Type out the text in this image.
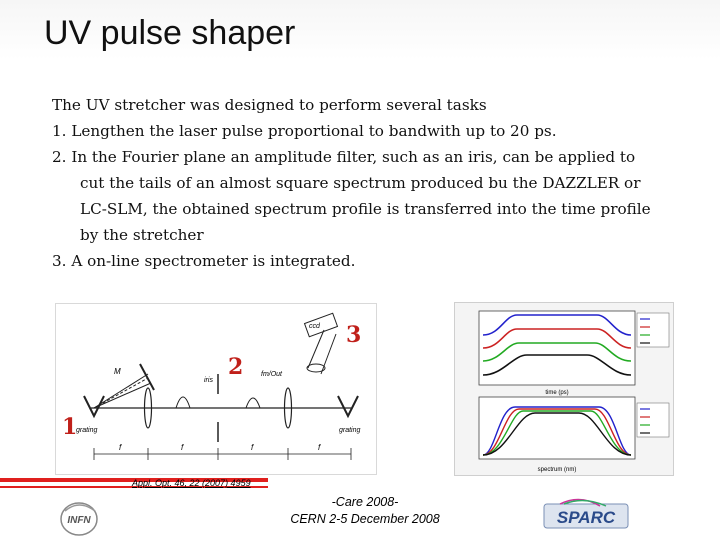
UV pulse shaper

The UV stretcher was designed to perform several tasks

1. Lengthen the laser pulse proportional to bandwith up to 20 ps.

2. In the Fourier plane an amplitude filter, such as an iris, can be applied to

cut the tails of an almost square spectrum produced bu the DAZZLER or

LC-SLM, the obtained spectrum profile is transferred into the time profile

by the stretcher

3. A on-line spectrometer is integrated.

M
iris
fm/Out
ccd
grating	grating
f	f	f	f
1
2
3
time (ps)
spectrum (nm)
Appl. Opt. 46, 22 (2007) 4959
INFN
-Care 2008-
CERN 2-5 December 2008	SPARC
